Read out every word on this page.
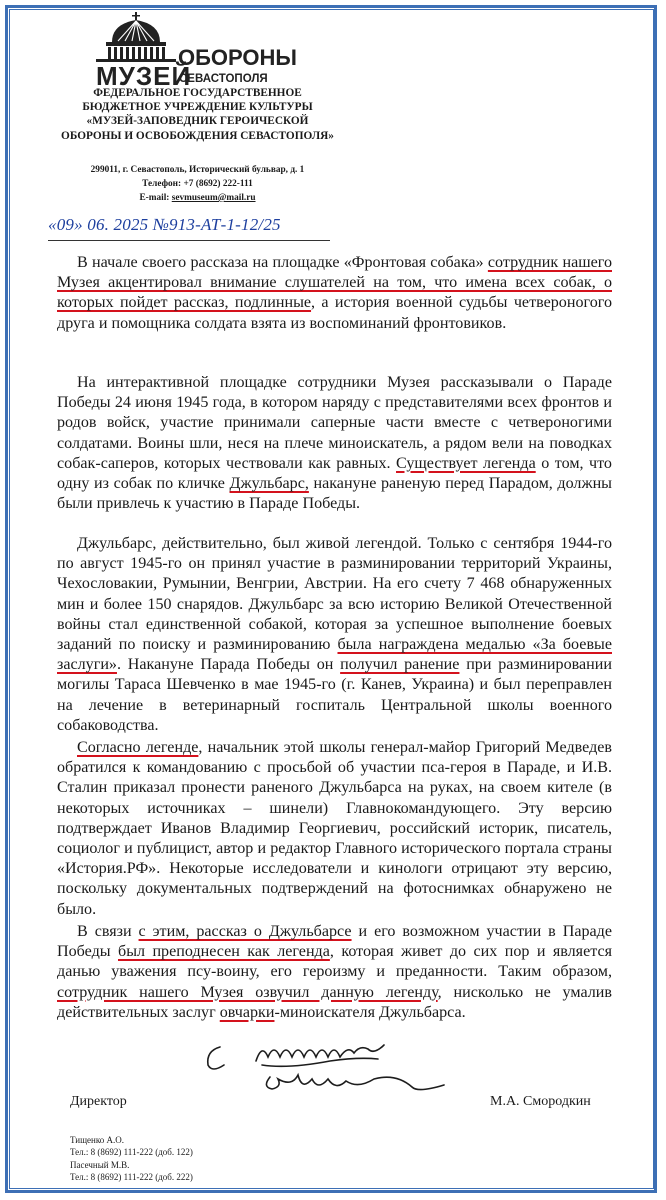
МУЗЕЙ
ОБОРОНЫ
СЕВАСТОПОЛЯ
ФЕДЕРАЛЬНОЕ ГОСУДАРСТВЕННОЕ
БЮДЖЕТНОЕ УЧРЕЖДЕНИЕ КУЛЬТУРЫ
«МУЗЕЙ-ЗАПОВЕДНИК ГЕРОИЧЕСКОЙ
ОБОРОНЫ И ОСВОБОЖДЕНИЯ СЕВАСТОПОЛЯ»
299011, г. Севастополь, Исторический бульвар, д. 1
Телефон: +7 (8692) 222-111
E-mail: sevmuseum@mail.ru
«09» 06. 2025 №913-АТ-1-12/25

В начале своего рассказа на площадке «Фронтовая собака» сотрудник нашего Музея акцентировал внимание слушателей на том, что имена всех собак, о которых пойдет рассказ, подлинные, а история военной судьбы четвероногого друга и помощника солдата взята из воспоминаний фронтовиков.

На интерактивной площадке сотрудники Музея рассказывали о Параде Победы 24 июня 1945 года, в котором наряду с представителями всех фронтов и родов войск, участие принимали саперные части вместе с четвероногими солдатами. Воины шли, неся на плече миноискатель, а рядом вели на поводках собак-саперов, которых чествовали как равных. Существует легенда о том, что одну из собак по кличке Джульбарс, накануне раненую перед Парадом, должны были привлечь к участию в Параде Победы.

Джульбарс, действительно, был живой легендой. Только с сентября 1944-го по август 1945-го он принял участие в разминировании территорий Украины, Чехословакии, Румынии, Венгрии, Австрии. На его счету 7 468 обнаруженных мин и более 150 снарядов. Джульбарс за всю историю Великой Отечественной войны стал единственной собакой, которая за успешное выполнение боевых заданий по поиску и разминированию была награждена медалью «За боевые заслуги». Накануне Парада Победы он получил ранение при разминировании могилы Тараса Шевченко в мае 1945-го (г. Канев, Украина) и был переправлен на лечение в ветеринарный госпиталь Центральной школы военного собаководства.

Согласно легенде, начальник этой школы генерал-майор Григорий Медведев обратился к командованию с просьбой об участии пса-героя в Параде, и И.В. Сталин приказал пронести раненого Джульбарса на руках, на своем кителе (в некоторых источниках – шинели) Главнокомандующего. Эту версию подтверждает Иванов Владимир Георгиевич, российский историк, писатель, социолог и публицист, автор и редактор Главного исторического портала страны «История.РФ». Некоторые исследователи и кинологи отрицают эту версию, поскольку документальных подтверждений на фотоснимках обнаружено не было.

В связи с этим, рассказ о Джульбарсе и его возможном участии в Параде Победы был преподнесен как легенда, которая живет до сих пор и является данью уважения псу-воину, его героизму и преданности. Таким образом, сотрудник нашего Музея озвучил данную легенду, нисколько не умалив действительных заслуг овчарки-миноискателя Джульбарса.

Директор	М.А. Смородкин
Тищенко А.О.
Тел.: 8 (8692) 111-222 (доб. 122)
Пасечный М.В.
Тел.: 8 (8692) 111-222 (доб. 222)
